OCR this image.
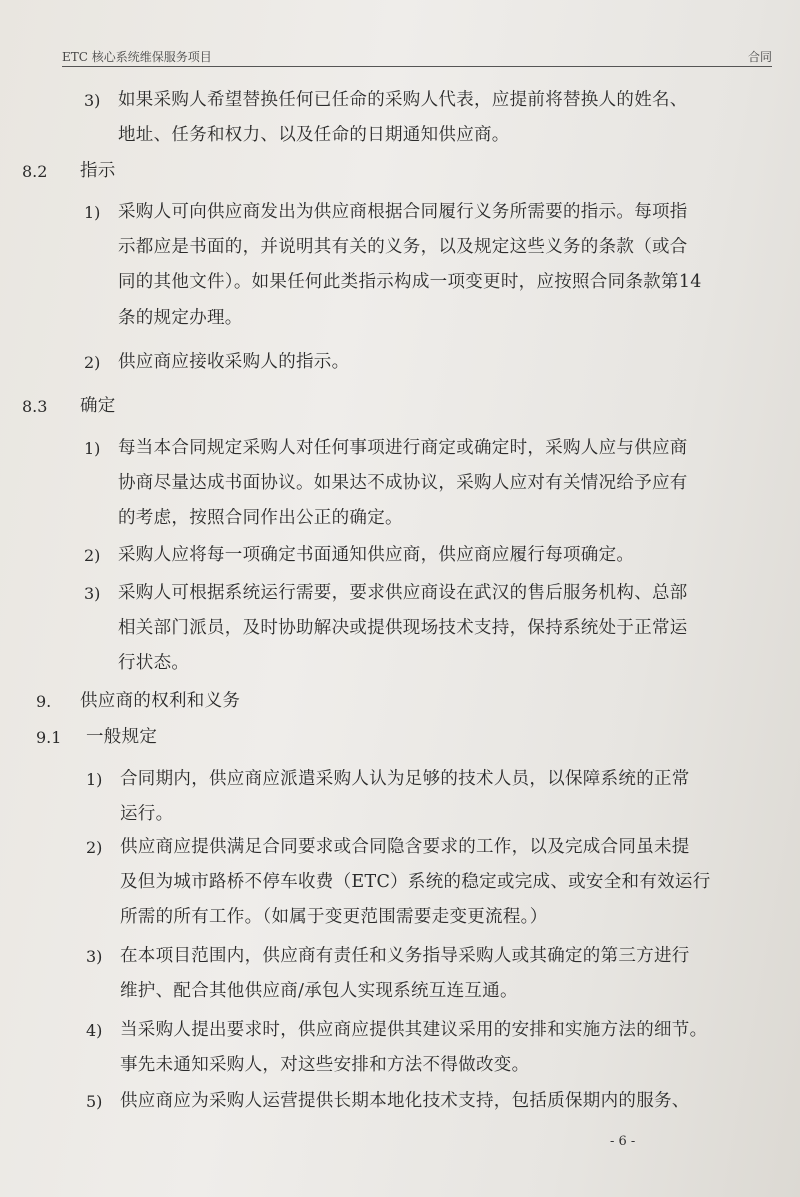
ETC 核心系统维保服务项目	合同
3) 如果采购人希望替换任何已任命的采购人代表，应提前将替换人的姓名、
地址、任务和权力、以及任命的日期通知供应商。
8.2 指示
1) 采购人可向供应商发出为供应商根据合同履行义务所需要的指示。每项指
示都应是书面的，并说明其有关的义务，以及规定这些义务的条款（或合
同的其他文件）。如果任何此类指示构成一项变更时，应按照合同条款第14
条的规定办理。
2) 供应商应接收采购人的指示。
8.3 确定
1) 每当本合同规定采购人对任何事项进行商定或确定时，采购人应与供应商
协商尽量达成书面协议。如果达不成协议，采购人应对有关情况给予应有
的考虑，按照合同作出公正的确定。
2) 采购人应将每一项确定书面通知供应商，供应商应履行每项确定。
3) 采购人可根据系统运行需要，要求供应商设在武汉的售后服务机构、总部
相关部门派员，及时协助解决或提供现场技术支持，保持系统处于正常运
行状态。
9. 供应商的权利和义务
9.1 一般规定
1) 合同期内，供应商应派遣采购人认为足够的技术人员，以保障系统的正常
运行。
2) 供应商应提供满足合同要求或合同隐含要求的工作，以及完成合同虽未提
及但为城市路桥不停车收费（ETC）系统的稳定或完成、或安全和有效运行
所需的所有工作。（如属于变更范围需要走变更流程。）
3) 在本项目范围内，供应商有责任和义务指导采购人或其确定的第三方进行
维护、配合其他供应商/承包人实现系统互连互通。
4) 当采购人提出要求时，供应商应提供其建议采用的安排和实施方法的细节。
事先未通知采购人，对这些安排和方法不得做改变。
5) 供应商应为采购人运营提供长期本地化技术支持，包括质保期内的服务、
- 6 -
